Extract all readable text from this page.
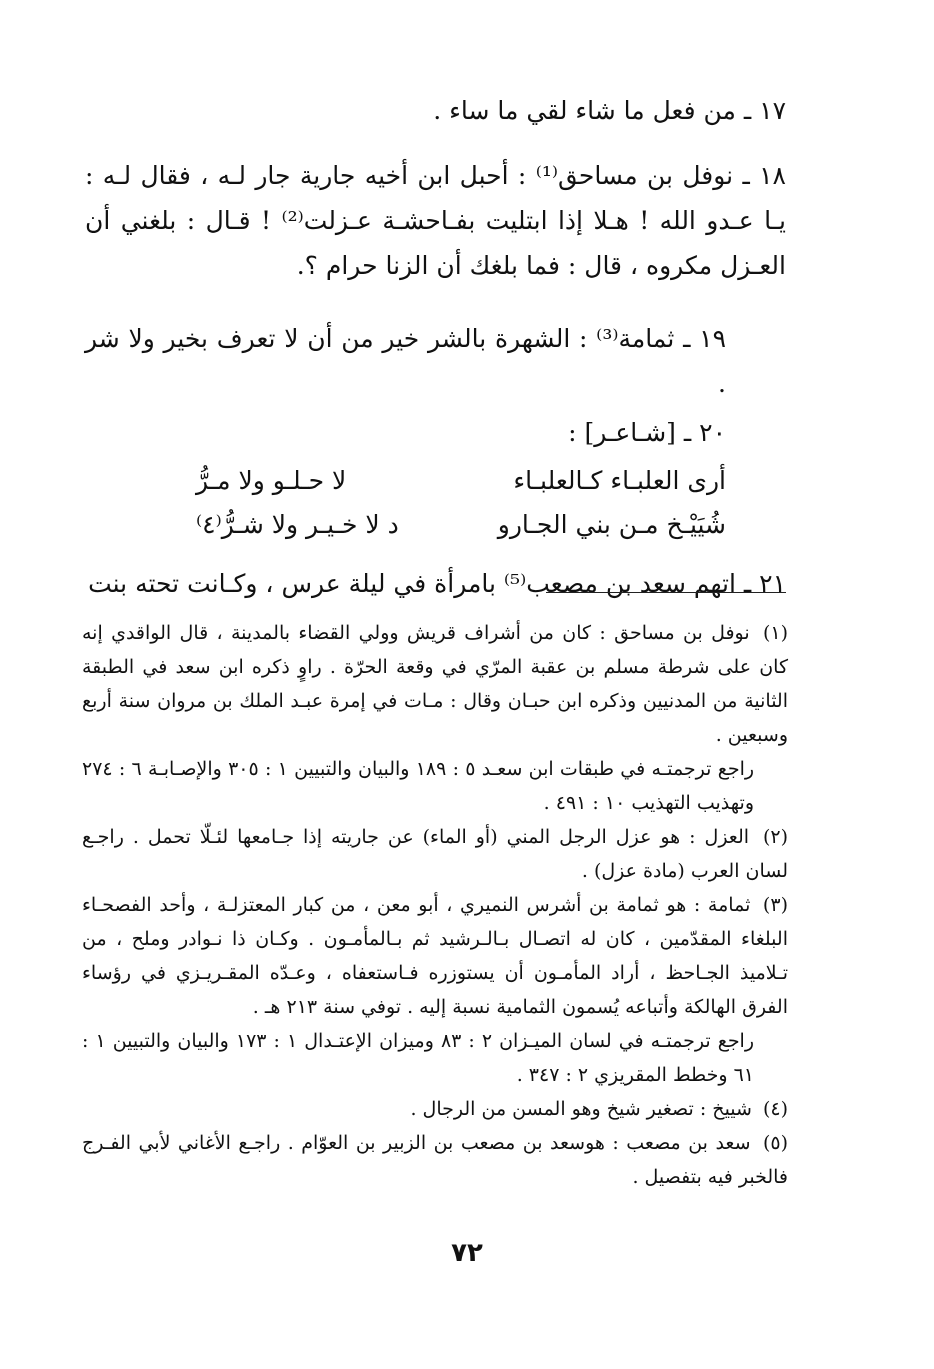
١٧ ـ من فعل ما شاء لقي ما ساء .

١٨ ـ نوفل بن مساحق⁽¹⁾ : أحبل ابن أخيه جارية جار لـه ، فقال لـه : يـا عـدو الله ! هـلا إذا ابتليت بفـاحشـة عـزلت⁽²⁾ ! قـال : بلغني أن العـزل مكروه ، قال : فما بلغك أن الزنا حرام ؟.

١٩ ـ ثمامة⁽³⁾ : الشهرة بالشر خير من أن لا تعرف بخير ولا شر .

٢٠ ـ [شـاعـر] :

أرى العلبـاء كـالعلبـاء
لا حـلـو ولا مـرُّ
شُيَيْـخ مـن بني الجـارو
د لا خـيـر ولا شـرُّ⁽٤⁾

٢١ ـ اتهم سعد بن مصعب⁽⁵⁾ بامرأة في ليلة عرس ، وكـانت تحته بنت

(١) نوفل بن مساحق : كان من أشراف قريش وولي القضاء بالمدينة ، قال الواقدي إنه كان على شرطة مسلم بن عقبة المرّي في وقعة الحرّة . راوٍ ذكره ابن سعد في الطبقة الثانية من المدنيين وذكره ابن حبـان وقال : مـات في إمرة عبـد الملك بن مروان سنة أربع وسبعين .
راجع ترجمتـه في طبقات ابن سعـد ٥ : ١٨٩ والبيان والتبيين ١ : ٣٠٥ والإصـابـة ٦ : ٢٧٤ وتهذيب التهذيب ١٠ : ٤٩١ .
(٢) العزل : هو عزل الرجل المني (أو الماء) عن جاريته إذا جـامعها لئـلّا تحمل . راجـع لسان العرب (مادة عزل) .
(٣) ثمامة : هو ثمامة بن أشرس النميري ، أبو معن ، من كبار المعتزلـة ، وأحد الفصحـاء البلغاء المقدّمين ، كان له اتصـال بـالـرشيد ثم بـالمأمـون . وكـان ذا نـوادر وملح ، من تـلاميذ الجـاحظ ، أراد المأمـون أن يستوزره فـاستعفاه ، وعـدّه المقـريـزي في رؤساء الفرق الهالكة وأتباعه يُسمون الثمامية نسبة إليه . توفي سنة ٢١٣ هـ .
راجع ترجمتـه في لسان الميـزان ٢ : ٨٣ وميزان الإعتـدال ١ : ١٧٣ والبيان والتبيين ١ : ٦١ وخطط المقريزي ٢ : ٣٤٧ .
(٤) شييخ : تصغير شيخ وهو المسن من الرجال .
(٥) سعد بن مصعب : هوسعد بن مصعب بن الزبير بن العوّام . راجـع الأغاني لأبي الفـرج فالخبر فيه بتفصيل .
٧٢
